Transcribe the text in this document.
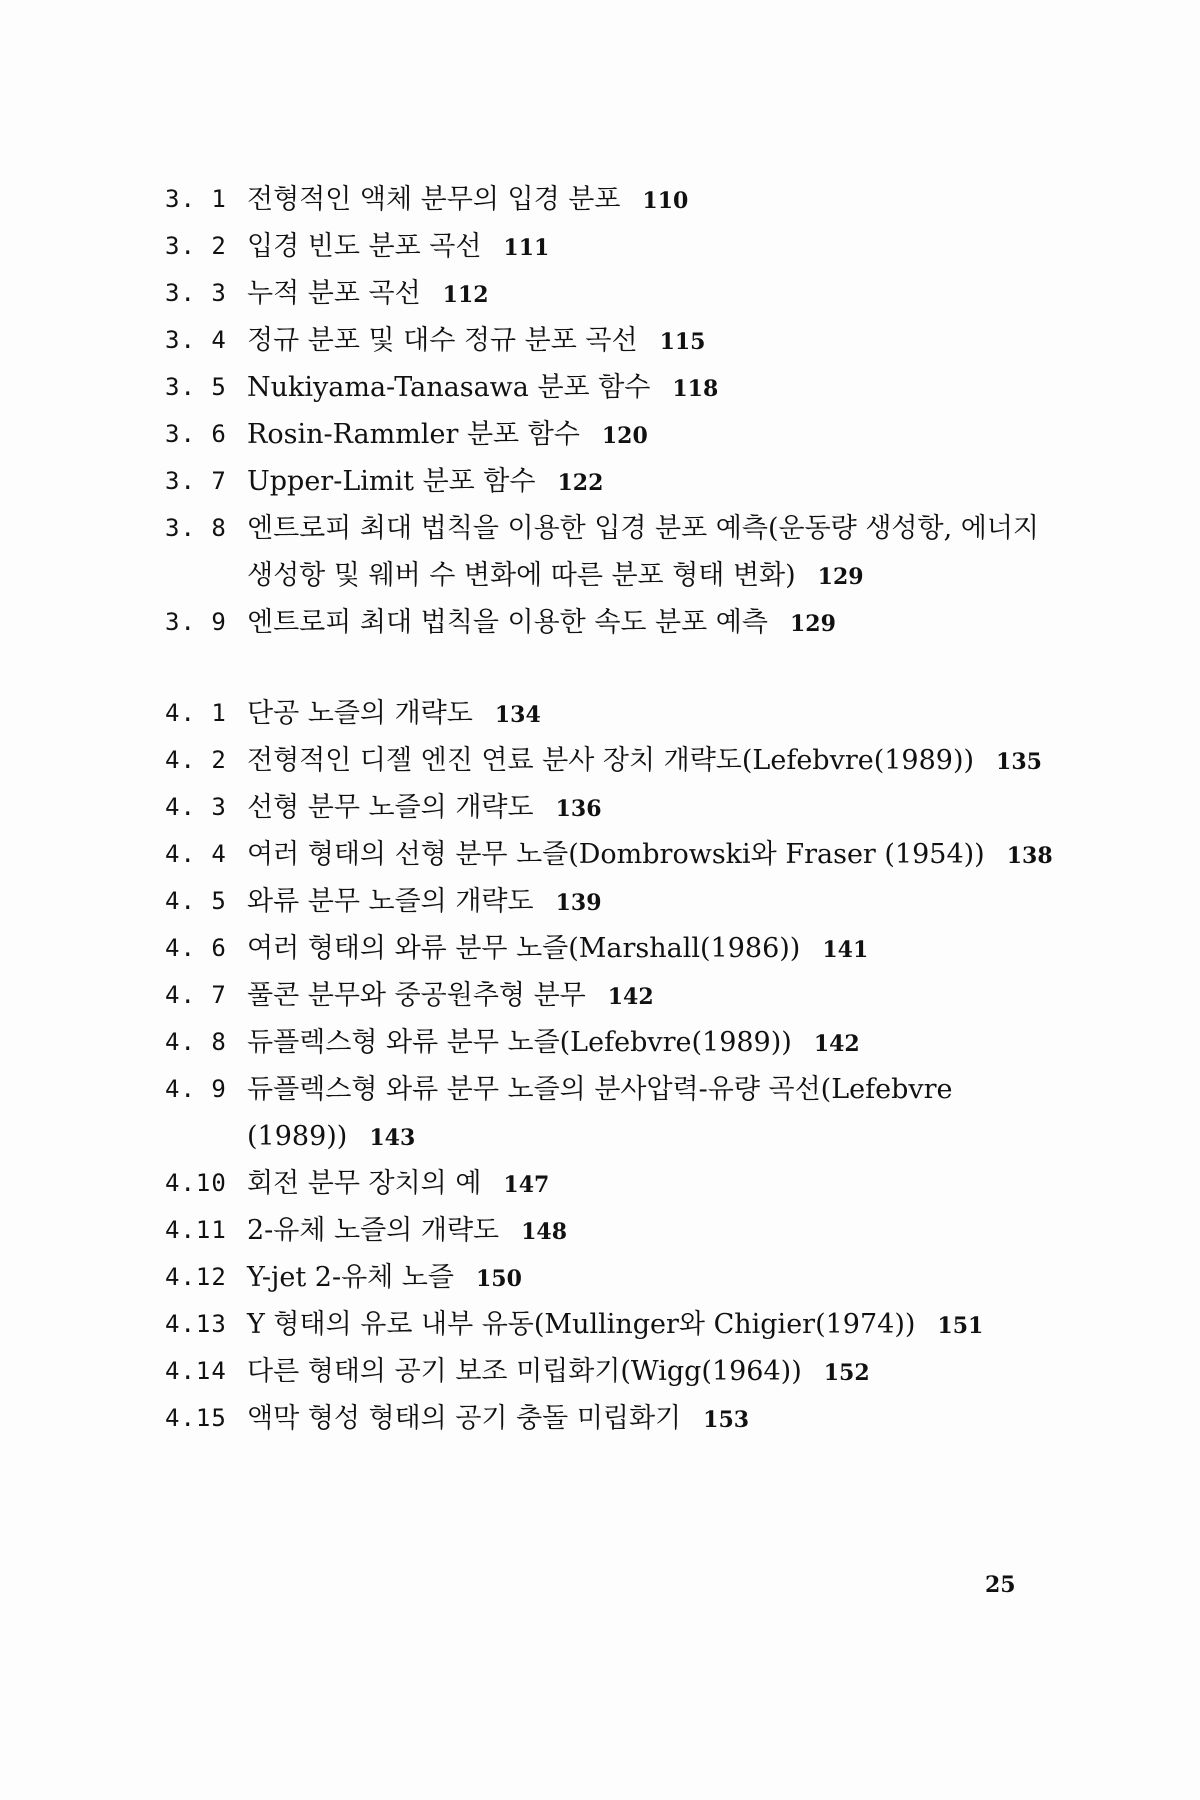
3. 1 전형적인 액체 분무의 입경 분포 110
3. 2 입경 빈도 분포 곡선 111
3. 3 누적 분포 곡선 112
3. 4 정규 분포 및 대수 정규 분포 곡선 115
3. 5 Nukiyama-Tanasawa 분포 함수 118
3. 6 Rosin-Rammler 분포 함수 120
3. 7 Upper-Limit 분포 함수 122
3. 8 엔트로피 최대 법칙을 이용한 입경 분포 예측(운동량 생성항, 에너지 생성항 및 웨버 수 변화에 따른 분포 형태 변화) 129
3. 9 엔트로피 최대 법칙을 이용한 속도 분포 예측 129
4. 1 단공 노즐의 개략도 134
4. 2 전형적인 디젤 엔진 연료 분사 장치 개략도(Lefebvre(1989)) 135
4. 3 선형 분무 노즐의 개략도 136
4. 4 여러 형태의 선형 분무 노즐(Dombrowski와 Fraser (1954)) 138
4. 5 와류 분무 노즐의 개략도 139
4. 6 여러 형태의 와류 분무 노즐(Marshall(1986)) 141
4. 7 풀콘 분무와 중공원추형 분무 142
4. 8 듀플렉스형 와류 분무 노즐(Lefebvre(1989)) 142
4. 9 듀플렉스형 와류 분무 노즐의 분사압력-유량 곡선(Lefebvre (1989)) 143
4.10 회전 분무 장치의 예 147
4.11 2-유체 노즐의 개략도 148
4.12 Y-jet 2-유체 노즐 150
4.13 Y 형태의 유로 내부 유동(Mullinger와 Chigier(1974)) 151
4.14 다른 형태의 공기 보조 미립화기(Wigg(1964)) 152
4.15 액막 형성 형태의 공기 충돌 미립화기 153
25
